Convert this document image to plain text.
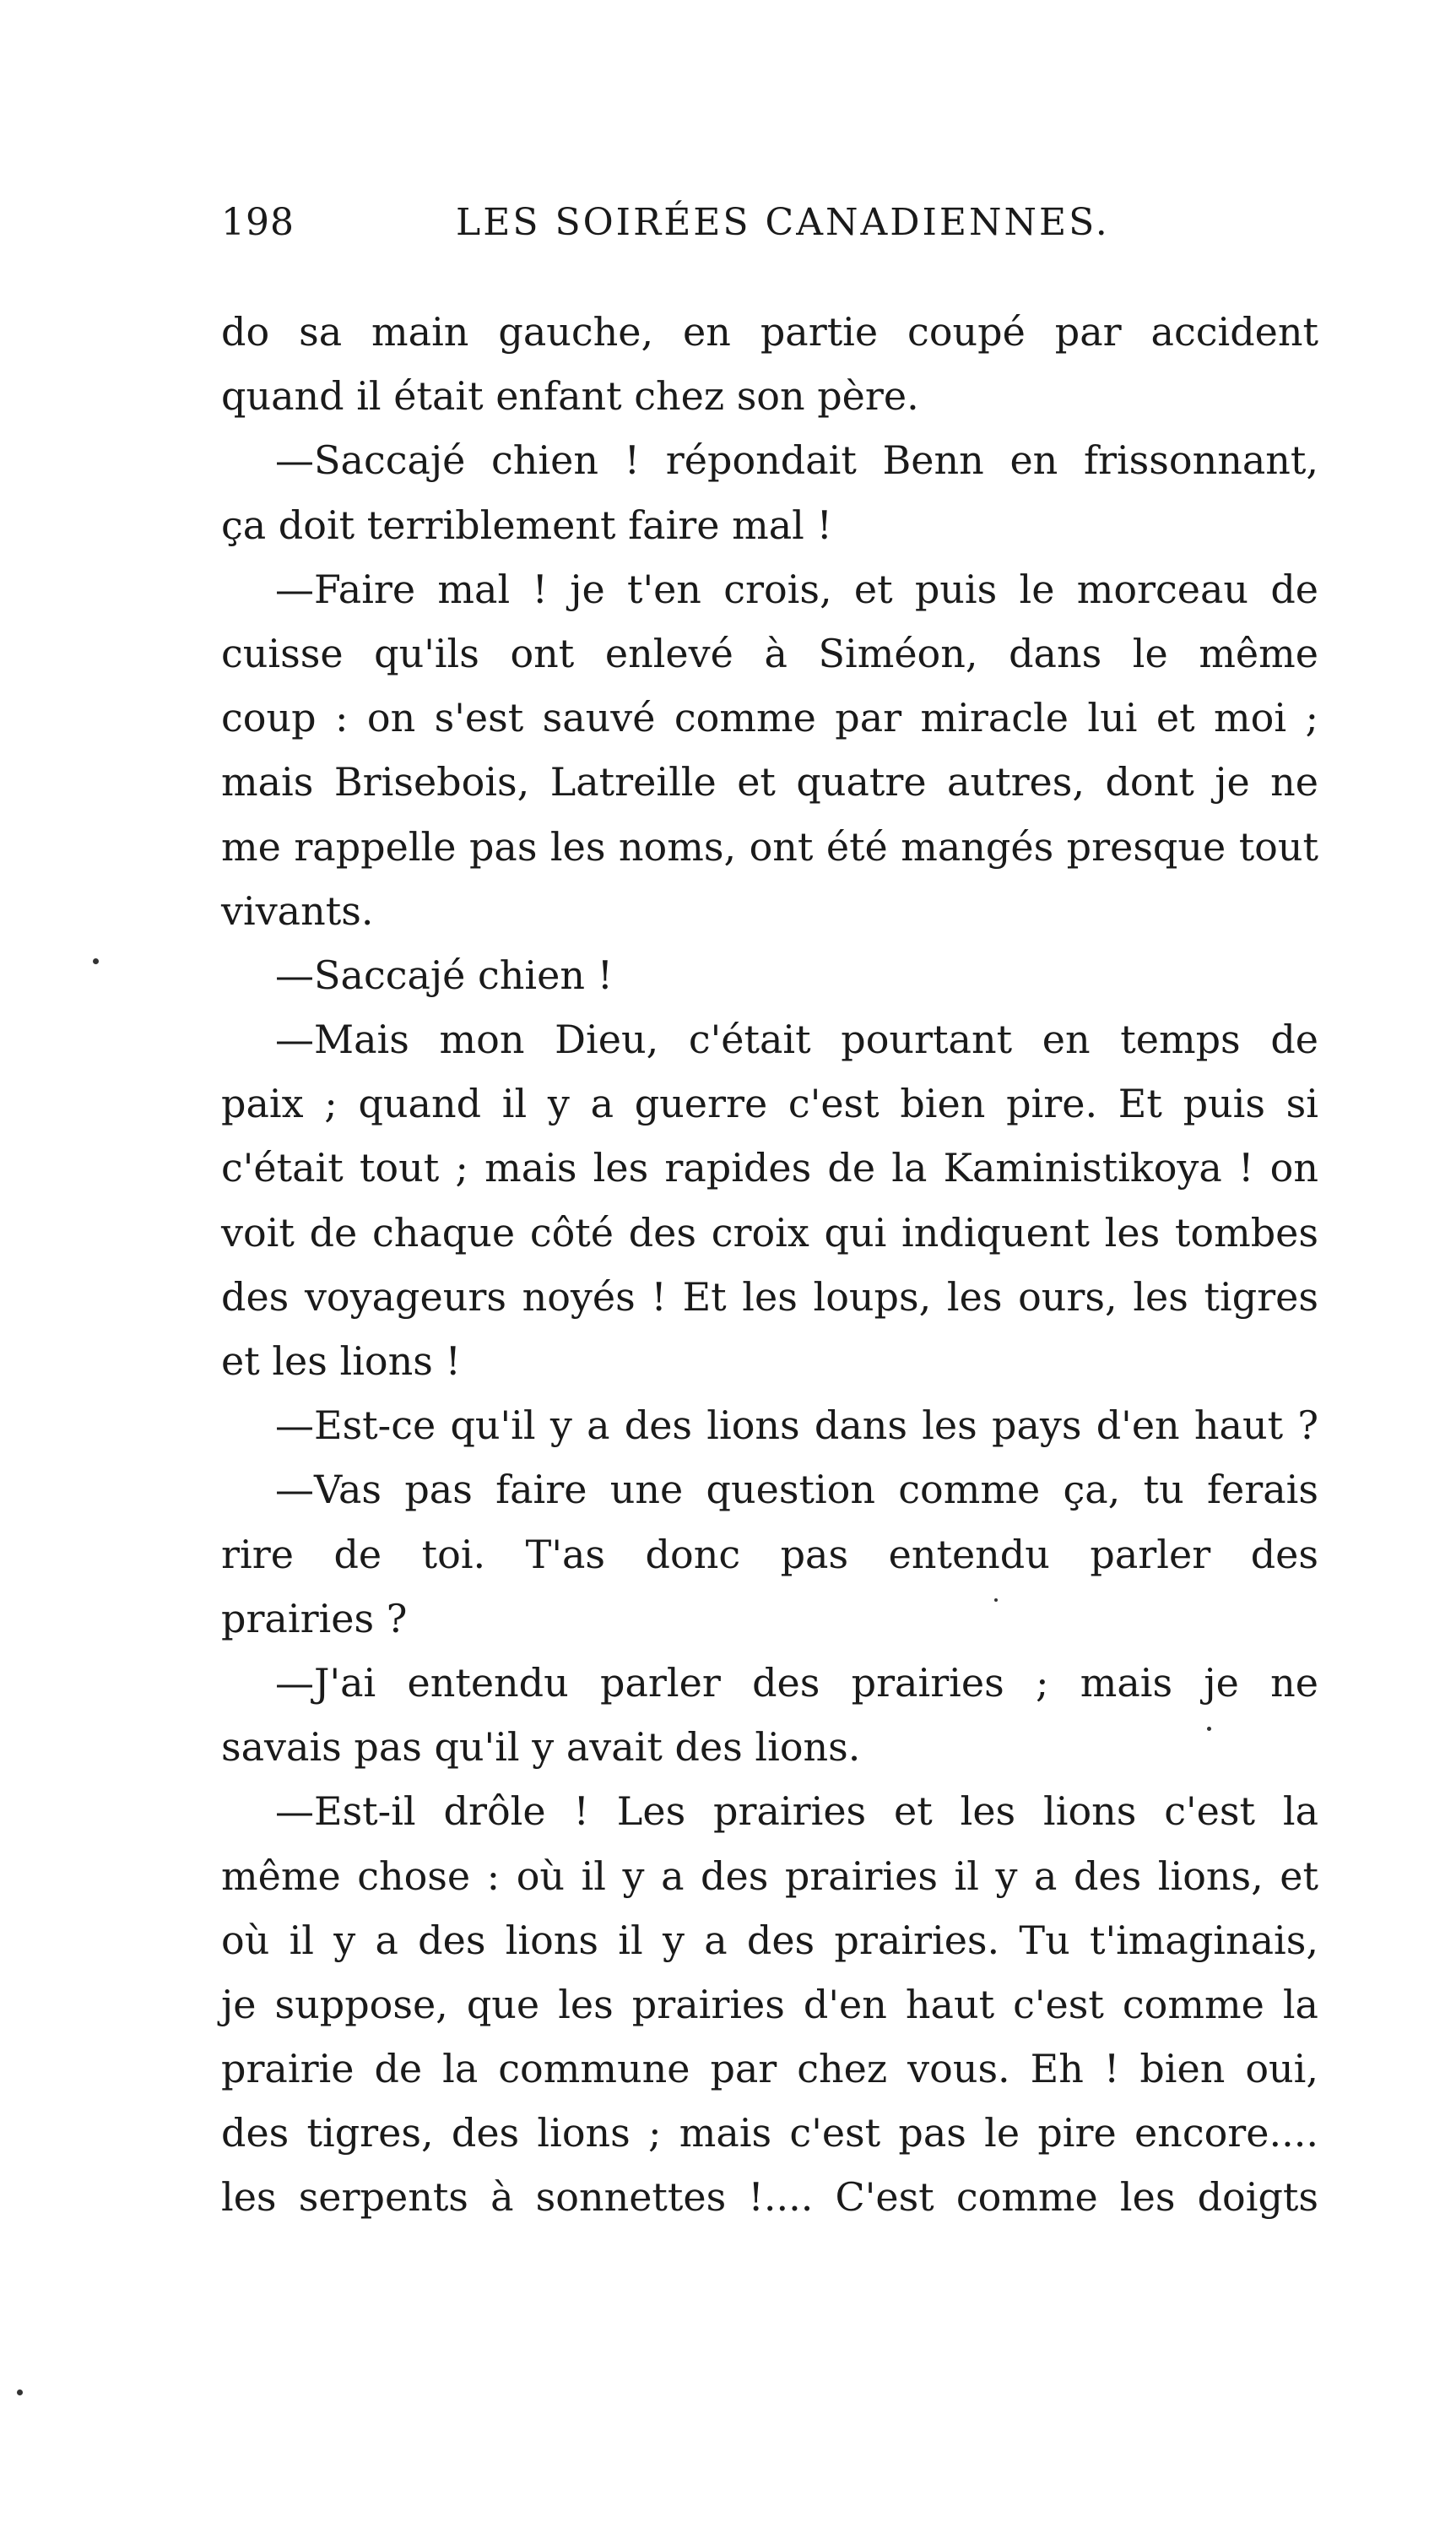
198	LES SOIRÉES CANADIENNES.
do sa main gauche, en partie coupé par accident
quand il était enfant chez son père.
—Saccajé chien ! répondait Benn en frissonnant,
ça doit terriblement faire mal !
—Faire mal ! je t'en crois, et puis le morceau de
cuisse qu'ils ont enlevé à Siméon, dans le même
coup : on s'est sauvé comme par miracle lui et moi ;
mais Brisebois, Latreille et quatre autres, dont je ne
me rappelle pas les noms, ont été mangés presque tout
vivants.
—Saccajé chien !
—Mais mon Dieu, c'était pourtant en temps de
paix ; quand il y a guerre c'est bien pire. Et puis si
c'était tout ; mais les rapides de la Kaministikoya ! on
voit de chaque côté des croix qui indiquent les tombes
des voyageurs noyés ! Et les loups, les ours, les tigres
et les lions !
—Est-ce qu'il y a des lions dans les pays d'en haut ?
—Vas pas faire une question comme ça, tu ferais
rire de toi. T'as donc pas entendu parler des
prairies ?
—J'ai entendu parler des prairies ; mais je ne
savais pas qu'il y avait des lions.
—Est-il drôle ! Les prairies et les lions c'est la
même chose : où il y a des prairies il y a des lions, et
où il y a des lions il y a des prairies. Tu t'imaginais,
je suppose, que les prairies d'en haut c'est comme la
prairie de la commune par chez vous. Eh ! bien oui,
des tigres, des lions ; mais c'est pas le pire encore....
les serpents à sonnettes !.... C'est comme les doigts
